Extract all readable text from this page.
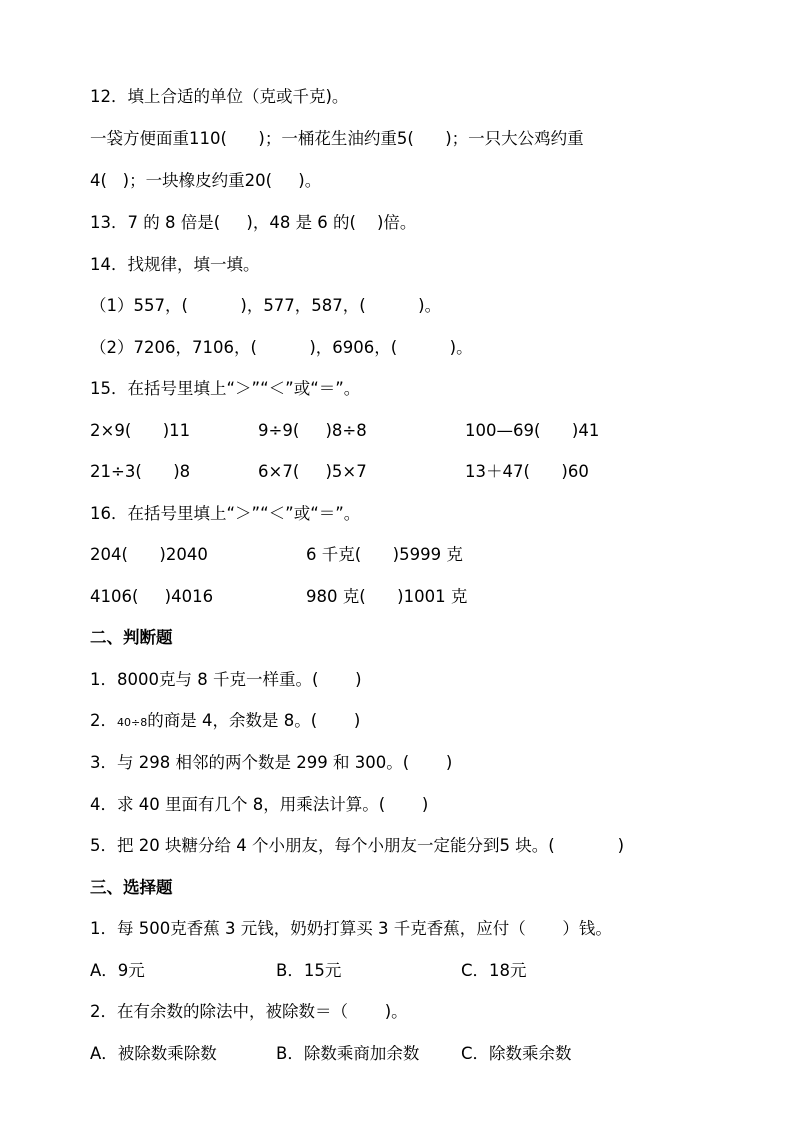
12．填上合适的单位（克或千克)。
一袋方便面重110(      )；一桶花生油约重5(      )；一只大公鸡约重
4(   )；一块橡皮约重20(     )。
13．7 的 8 倍是(     )，48 是 6 的(    )倍。
14．找规律，填一填。
（1）557，(          )，577，587，(          )。
（2）7206，7106，(          )，6906，(          )。
15．在括号里填上“＞”“＜”或“＝”。
2×9(      )11	9÷9(     )8÷8	100—69(      )41
21÷3(      )8	6×7(     )5×7	13＋47(      )60
16．在括号里填上“＞”“＜”或“＝”。
204(      )2040	6 千克(      )5999 克
4106(     )4016	980 克(      )1001 克
二、判断题
1．8000克与 8 千克一样重。(       )
2．40÷8的商是 4，余数是 8。(       )
3．与 298 相邻的两个数是 299 和 300。(       )
4．求 40 里面有几个 8，用乘法计算。(       )
5．把 20 块糖分给 4 个小朋友，每个小朋友一定能分到5 块。(            )
三、选择题
1．每 500克香蕉 3 元钱，奶奶打算买 3 千克香蕉，应付（       ）钱。
A．9元	B．15元	C．18元
2．在有余数的除法中，被除数＝（       )。
A．被除数乘除数	B．除数乘商加余数	C．除数乘余数
